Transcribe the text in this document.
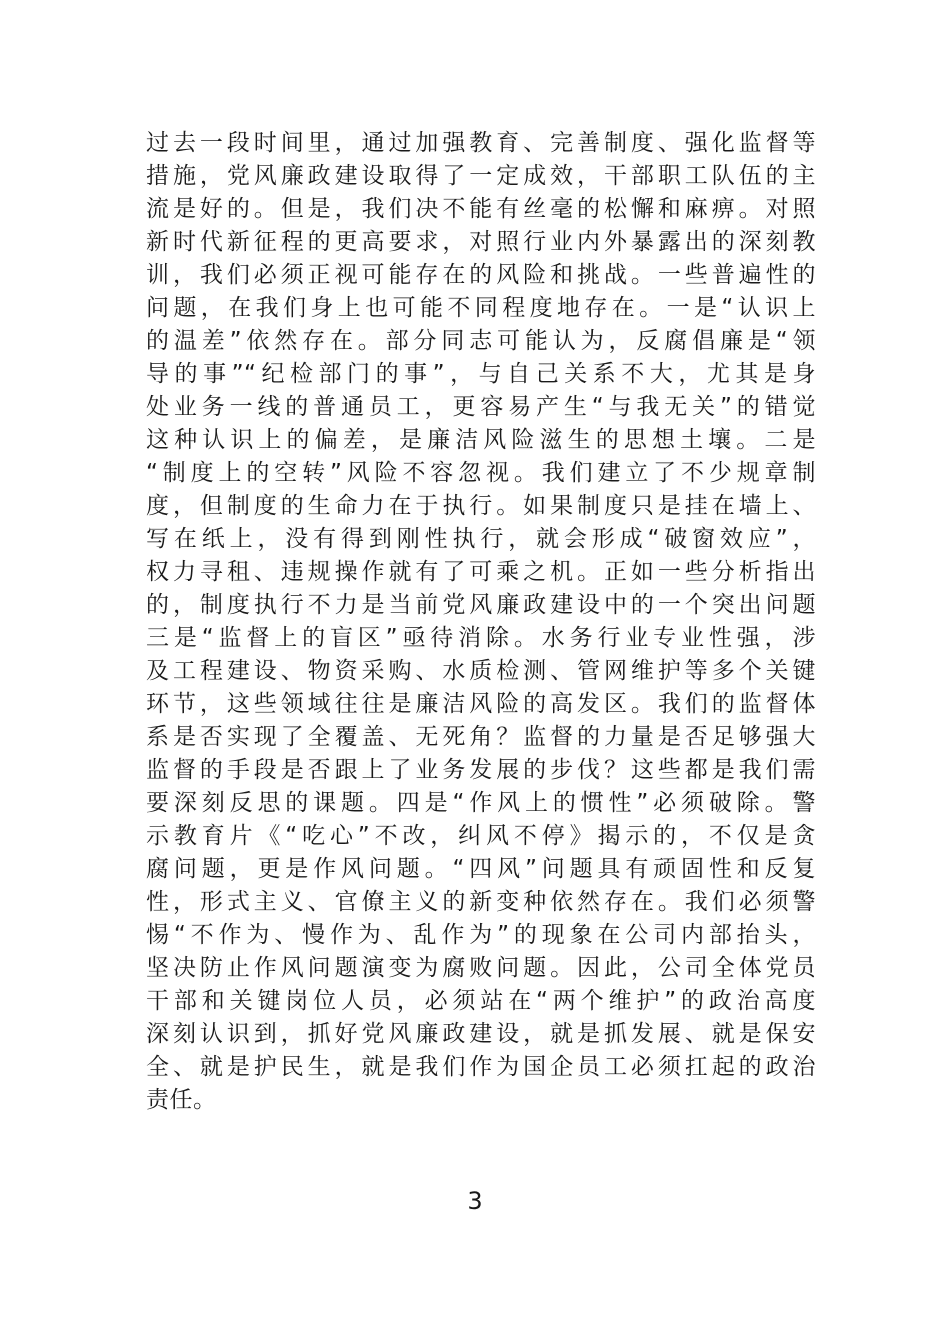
过去一段时间里，通过加强教育、完善制度、强化监督等
措施，党风廉政建设取得了一定成效，干部职工队伍的主
流是好的。但是，我们决不能有丝毫的松懈和麻痹。对照
新时代新征程的更高要求，对照行业内外暴露出的深刻教
训，我们必须正视可能存在的风险和挑战。一些普遍性的
问题，在我们身上也可能不同程度地存在。一是“认识上
的温差”依然存在。部分同志可能认为，反腐倡廉是“领
导的事”“纪检部门的事”，与自己关系不大，尤其是身
处业务一线的普通员工，更容易产生“与我无关”的错觉
这种认识上的偏差，是廉洁风险滋生的思想土壤。二是
“制度上的空转”风险不容忽视。我们建立了不少规章制
度，但制度的生命力在于执行。如果制度只是挂在墙上、
写在纸上，没有得到刚性执行，就会形成“破窗效应”，
权力寻租、违规操作就有了可乘之机。正如一些分析指出
的，制度执行不力是当前党风廉政建设中的一个突出问题
三是“监督上的盲区”亟待消除。水务行业专业性强，涉
及工程建设、物资采购、水质检测、管网维护等多个关键
环节，这些领域往往是廉洁风险的高发区。我们的监督体
系是否实现了全覆盖、无死角？监督的力量是否足够强大
监督的手段是否跟上了业务发展的步伐？这些都是我们需
要深刻反思的课题。四是“作风上的惯性”必须破除。警
示教育片《“吃心”不改，纠风不停》揭示的，不仅是贪
腐问题，更是作风问题。“四风”问题具有顽固性和反复
性，形式主义、官僚主义的新变种依然存在。我们必须警
惕“不作为、慢作为、乱作为”的现象在公司内部抬头，
坚决防止作风问题演变为腐败问题。因此，公司全体党员
干部和关键岗位人员，必须站在“两个维护”的政治高度
深刻认识到，抓好党风廉政建设，就是抓发展、就是保安
全、就是护民生，就是我们作为国企员工必须扛起的政治
责任。
3
